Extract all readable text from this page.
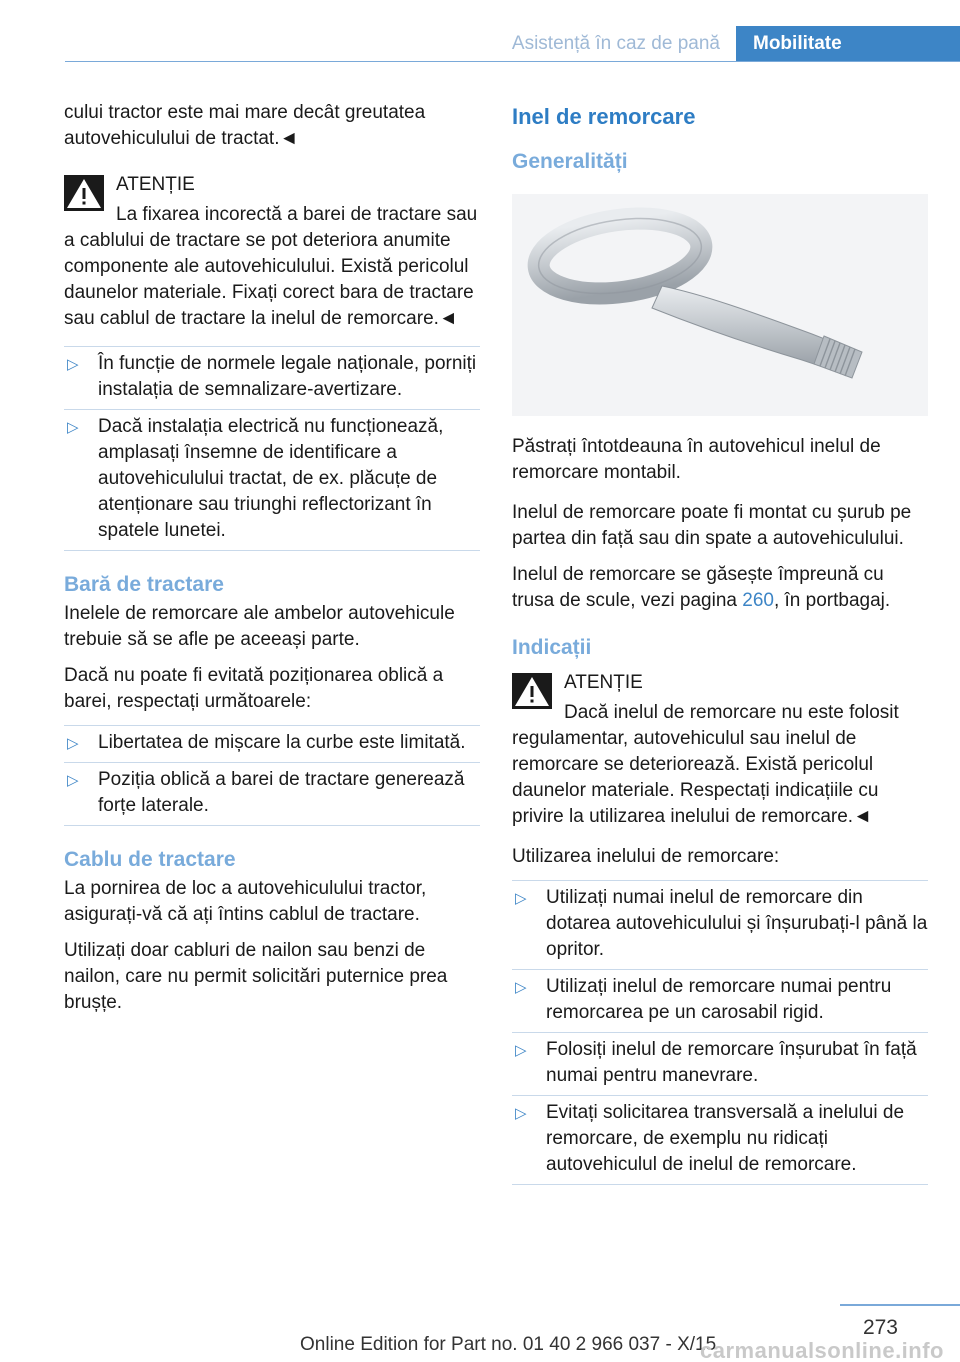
Asistență în caz de pană	Mobilitate

cului tractor este mai mare decât greutatea autovehiculului de tractat.◄

ATENȚIE
La fixarea incorectă a barei de tractare sau a cablului de tractare se pot deteriora anumite componente ale autovehiculului. Există pericolul daunelor materiale. Fixați corect bara de tractare sau cablul de tractare la inelul de remorcare.◄
▷ În funcție de normele legale naționale, porniți instalația de semnalizare-avertizare.
▷ Dacă instalația electrică nu funcționează, amplasați însemne de identificare a autovehiculului tractat, de ex. plăcuțe de atenționare sau triunghi reflectorizant în spatele lunetei.
Bară de tractare

Inelele de remorcare ale ambelor autovehicule trebuie să se afle pe aceeași parte.

Dacă nu poate fi evitată poziționarea oblică a barei, respectați următoarele:

▷ Libertatea de mișcare la curbe este limitată.
▷ Poziția oblică a barei de tractare generează forțe laterale.
Cablu de tractare

La pornirea de loc a autovehiculului tractor, asigurați-vă că ați întins cablul de tractare.

Utilizați doar cabluri de nailon sau benzi de nailon, care nu permit solicitări puternice prea brușțe.

Inel de remorcare
Generalități

Păstrați întotdeauna în autovehicul inelul de remorcare montabil.

Inelul de remorcare poate fi montat cu șurub pe partea din față sau din spate a autovehiculului.

Inelul de remorcare se găsește împreună cu trusa de scule, vezi pagina 260, în portbagaj.

Indicații
ATENȚIE
Dacă inelul de remorcare nu este folosit regulamentar, autovehiculul sau inelul de remorcare se deteriorează. Există pericolul daunelor materiale. Respectați indicațiile cu privire la utilizarea inelului de remorcare.◄

Utilizarea inelului de remorcare:

▷ Utilizați numai inelul de remorcare din dotarea autovehiculului și înșurubați-l până la opritor.
▷ Utilizați inelul de remorcare numai pentru remorcarea pe un carosabil rigid.
▷ Folosiți inelul de remorcare înșurubat în față numai pentru manevrare.
▷ Evitați solicitarea transversală a inelului de remorcare, de exemplu nu ridicați autovehiculul de inelul de remorcare.
273
Online Edition for Part no. 01 40 2 966 037 - X/15
carmanualsonline.info
